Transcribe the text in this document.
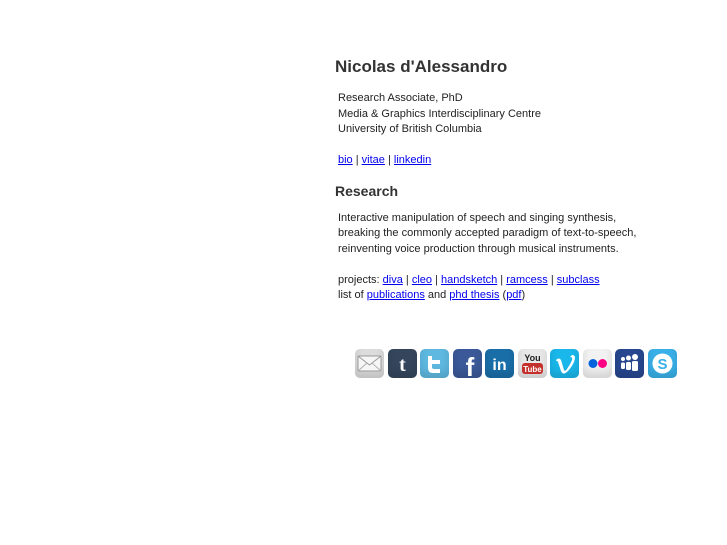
Nicolas d'Alessandro
Research Associate, PhD
Media & Graphics Interdisciplinary Centre
University of British Columbia
bio | vitae | linkedin
Research
Interactive manipulation of speech and singing synthesis,
breaking the commonly accepted paradigm of text-to-speech,
reinventing voice production through musical instruments.
projects: diva | cleo | handsketch | ramcess | subclass
list of publications and phd thesis (pdf)
t f in You
Tube	S
